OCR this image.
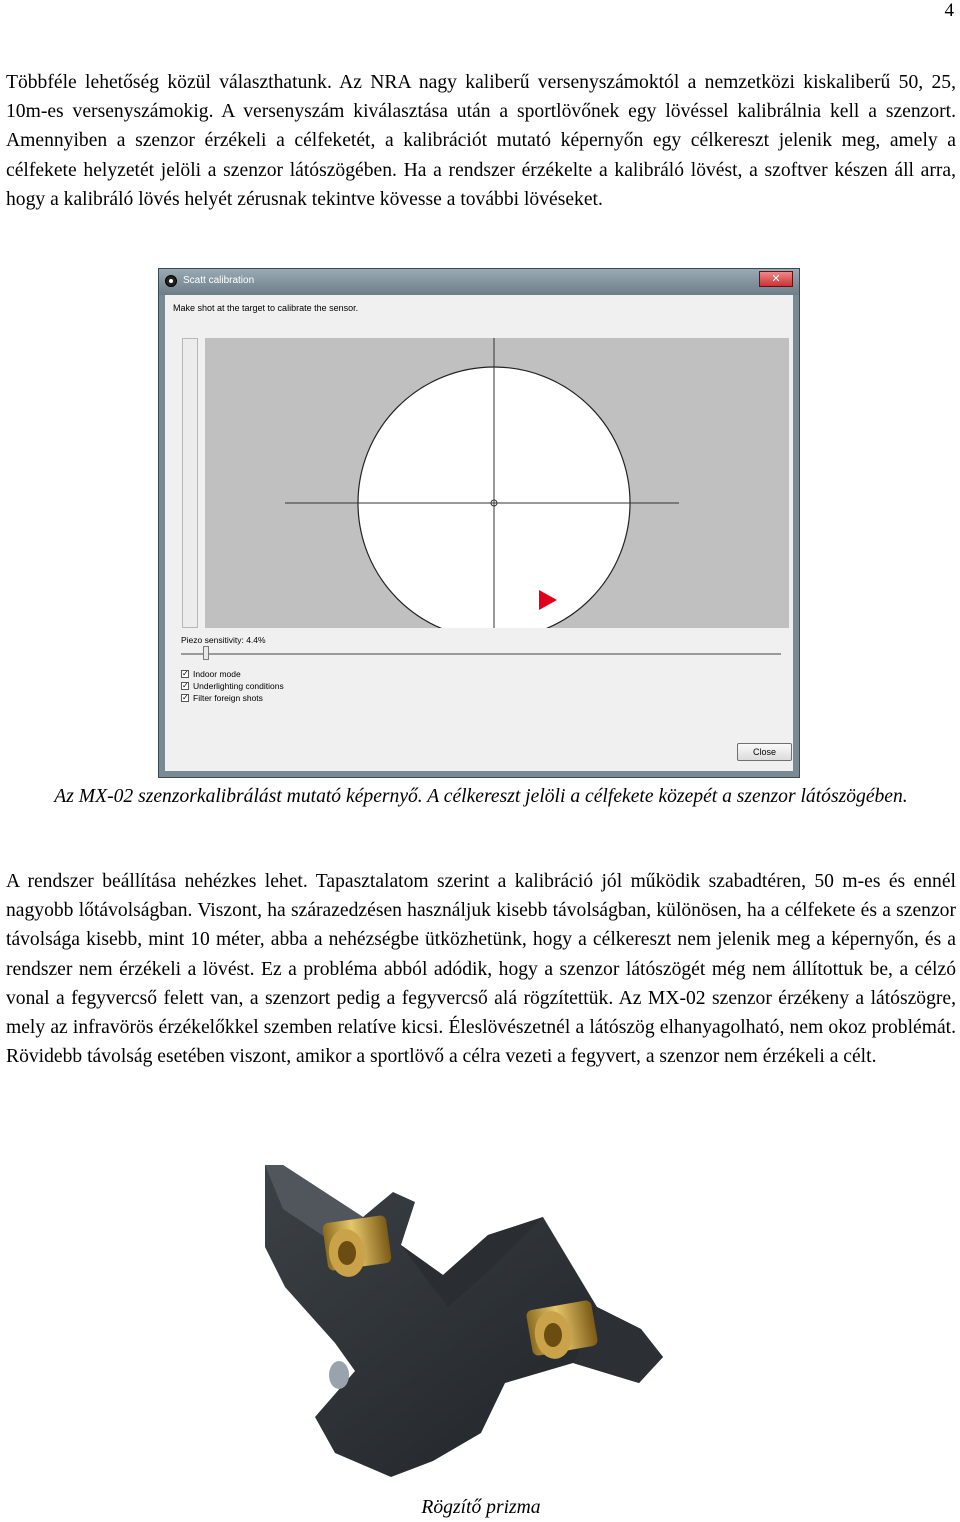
4

Többféle lehetőség közül választhatunk. Az NRA nagy kaliberű versenyszámoktól a nemzetközi kiskaliberű 50, 25, 10m-es versenyszámokig. A versenyszám kiválasztása után a sportlövőnek egy lövéssel kalibrálnia kell a szenzort. Amennyiben a szenzor érzékeli a célfeketét, a kalibrációt mutató képernyőn egy célkereszt jelenik meg, amely a célfekete helyzetét jelöli a szenzor látószögében. Ha a rendszer érzékelte a kalibráló lövést, a szoftver készen áll arra, hogy a kalibráló lövés helyét zérusnak tekintve kövesse a további lövéseket.

Scatt calibration	✕
Make shot at the target to calibrate the sensor.
Piezo sensitivity: 4.4%
✓ Indoor mode
✓ Underlighting conditions
✓ Filter foreign shots
Close

Az MX-02 szenzorkalibrálást mutató képernyő. A célkereszt jelöli a célfekete közepét a szenzor látószögében.

A rendszer beállítása nehézkes lehet. Tapasztalatom szerint a kalibráció jól működik szabadtéren, 50 m-es és ennél nagyobb lőtávolságban. Viszont, ha szárazedzésen használjuk kisebb távolságban, különösen, ha a célfekete és a szenzor távolsága kisebb, mint 10 méter, abba a nehézségbe ütközhetünk, hogy a célkereszt nem jelenik meg a képernyőn, és a rendszer nem érzékeli a lövést. Ez a probléma abból adódik, hogy a szenzor látószögét még nem állítottuk be, a célzó vonal a fegyvercső felett van, a szenzort pedig a fegyvercső alá rögzítettük. Az MX-02 szenzor érzékeny a látószögre, mely az infravörös érzékelőkkel szemben relatíve kicsi. Éleslövészetnél a látószög elhanyagolható, nem okoz problémát. Rövidebb távolság esetében viszont, amikor a sportlövő a célra vezeti a fegyvert, a szenzor nem érzékeli a célt.

Rögzítő prizma
